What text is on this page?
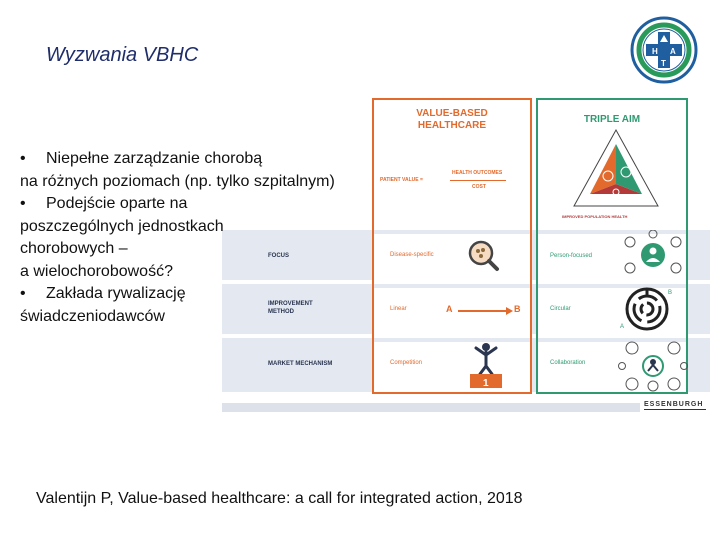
Wyzwania VBHC	H
T
A
VALUE-BASED
HEALTHCARE
PATIENT VALUE =
HEALTH OUTCOMES
COST
TRIPLE AIM
IMPROVED POPULATION HEALTH
FOCUS
IMPROVEMENT
METHOD
MARKET MECHANISM
Disease-specific
Linear
Competition
Person-focused
Circular
Collaboration
A	B
1
B
A
ESSENBURGH
• Niepełne zarządzanie chorobą
na różnych poziomach (np. tylko szpitalnym)
• Podejście oparte na
poszczególnych jednostkach
chorobowych –
a wielochorobowość?
• Zakłada rywalizację
świadczeniodawców
Valentijn P, Value-based healthcare: a call for integrated action, 2018
